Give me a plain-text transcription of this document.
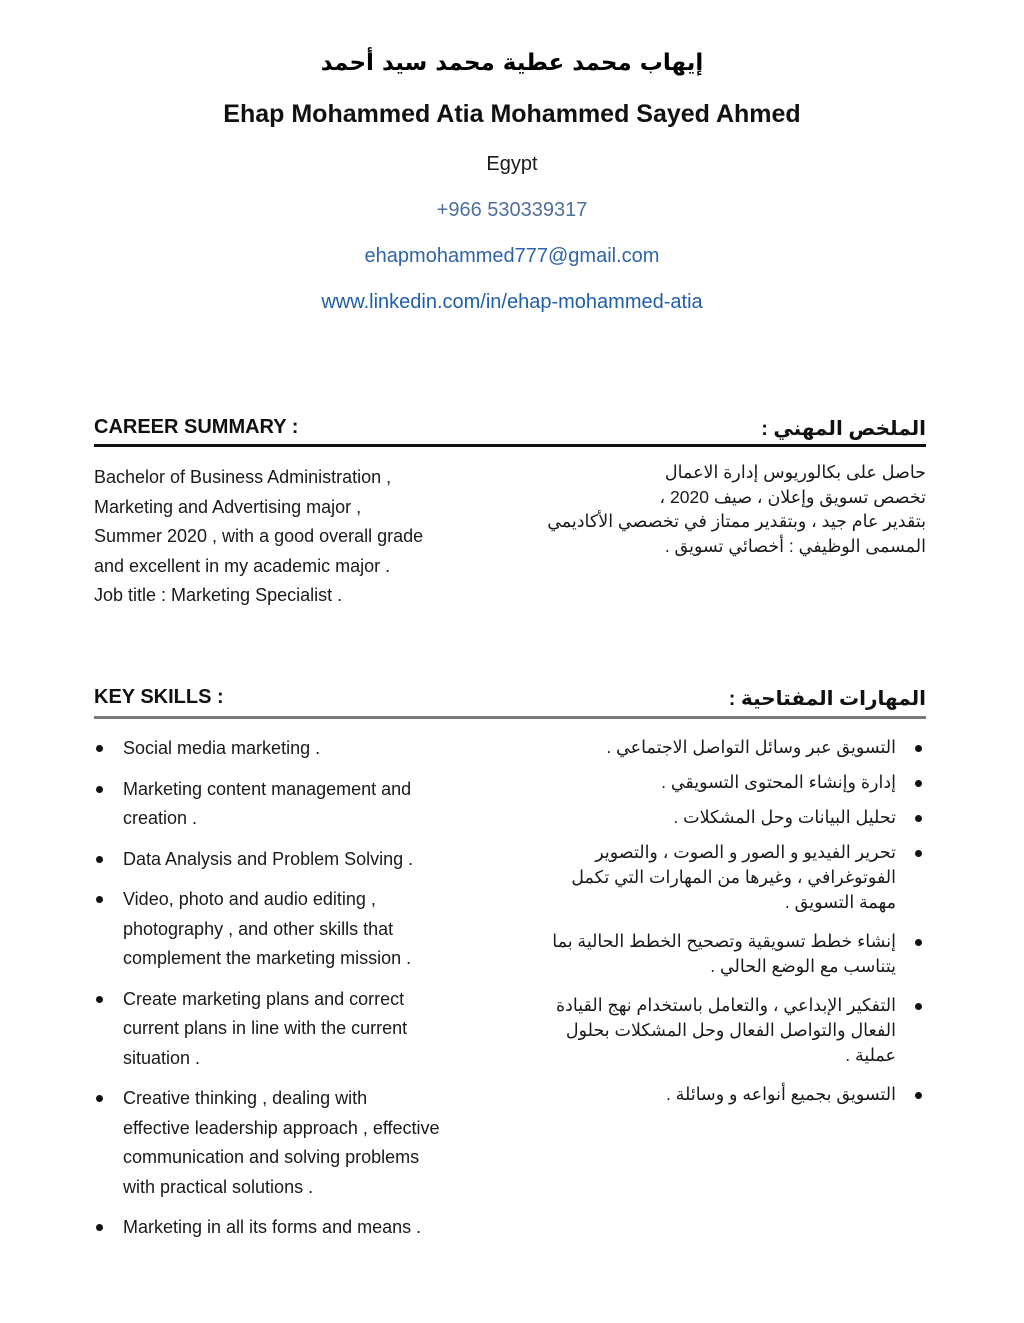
إيهاب محمد عطية محمد سيد أحمد
Ehap Mohammed Atia Mohammed Sayed Ahmed
Egypt
+966 530339317
ehapmohammed777@gmail.com
www.linkedin.com/in/ehap-mohammed-atia
CAREER SUMMARY :	الملخص المهني :
Bachelor of Business Administration ,
Marketing and Advertising major ,
Summer 2020 , with a good overall grade
and excellent in my academic major .
Job title : Marketing Specialist .
حاصل على بكالوريوس إدارة الاعمال
تخصص تسويق وإعلان ، صيف 2020 ،
بتقدير عام جيد ، وبتقدير ممتاز في تخصصي الأكاديمي
المسمى الوظيفي : أخصائي تسويق .
KEY SKILLS :	المهارات المفتاحية :
Social media marketing .
Marketing content management and
creation .
Data Analysis and Problem Solving .
Video, photo and audio editing ,
photography , and other skills that
complement the marketing mission .
Create marketing plans and correct
current plans in line with the current
situation .
Creative thinking , dealing with
effective leadership approach , effective
communication and solving problems
with practical solutions .
Marketing in all its forms and means .
التسويق عبر وسائل التواصل الاجتماعي .
إدارة وإنشاء المحتوى التسويقي .
تحليل البيانات وحل المشكلات .
تحرير الفيديو و الصور و الصوت ، والتصوير
الفوتوغرافي ، وغيرها من المهارات التي تكمل
مهمة التسويق .
إنشاء خطط تسويقية وتصحيح الخطط الحالية بما
يتناسب مع الوضع الحالي .
التفكير الإبداعي ، والتعامل باستخدام نهج القيادة
الفعال والتواصل الفعال وحل المشكلات بحلول
عملية .
التسويق بجميع أنواعه و وسائلة .
